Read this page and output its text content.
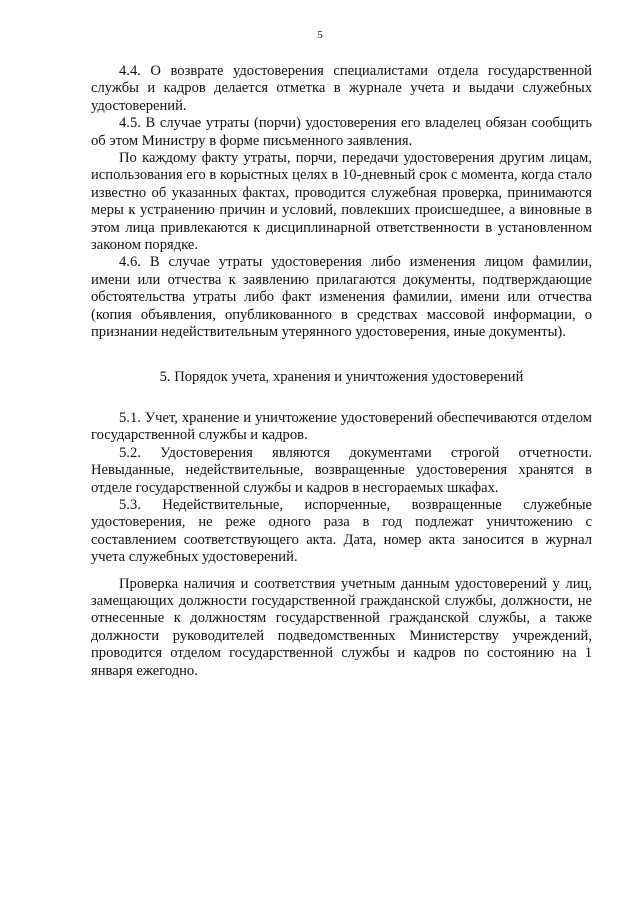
5

4.4. О возврате удостоверения специалистами отдела государственной службы и кадров делается отметка в журнале учета и выдачи служебных удостоверений.

4.5. В случае утраты (порчи) удостоверения его владелец обязан сообщить об этом Министру в форме письменного заявления.

По каждому факту утраты, порчи, передачи удостоверения другим лицам, использования его в корыстных целях в 10-дневный срок с момента, когда стало известно об указанных фактах, проводится служебная проверка, принимаются меры к устранению причин и условий, повлекших происшедшее, а виновные в этом лица привлекаются к дисциплинарной ответственности в установленном законом порядке.

4.6. В случае утраты удостоверения либо изменения лицом фамилии, имени или отчества к заявлению прилагаются документы, подтверждающие обстоятельства утраты либо факт изменения фамилии, имени или отчества (копия объявления, опубликованного в средствах массовой информации, о признании недействительным утерянного удостоверения, иные документы).

5. Порядок учета, хранения и уничтожения удостоверений

5.1. Учет, хранение и уничтожение удостоверений обеспечиваются отделом государственной службы и кадров.

5.2. Удостоверения являются документами строгой отчетности. Невыданные, недействительные, возвращенные удостоверения хранятся в отделе государственной службы и кадров в несгораемых шкафах.

5.3. Недействительные, испорченные, возвращенные служебные удостоверения, не реже одного раза в год подлежат уничтожению с составлением соответствующего акта. Дата, номер акта заносится в журнал учета служебных удостоверений.

Проверка наличия и соответствия учетным данным удостоверений у лиц, замещающих должности государственной гражданской службы, должности, не отнесенные к должностям государственной гражданской службы, а также должности руководителей подведомственных Министерству учреждений, проводится отделом государственной службы и кадров по состоянию на 1 января ежегодно.
